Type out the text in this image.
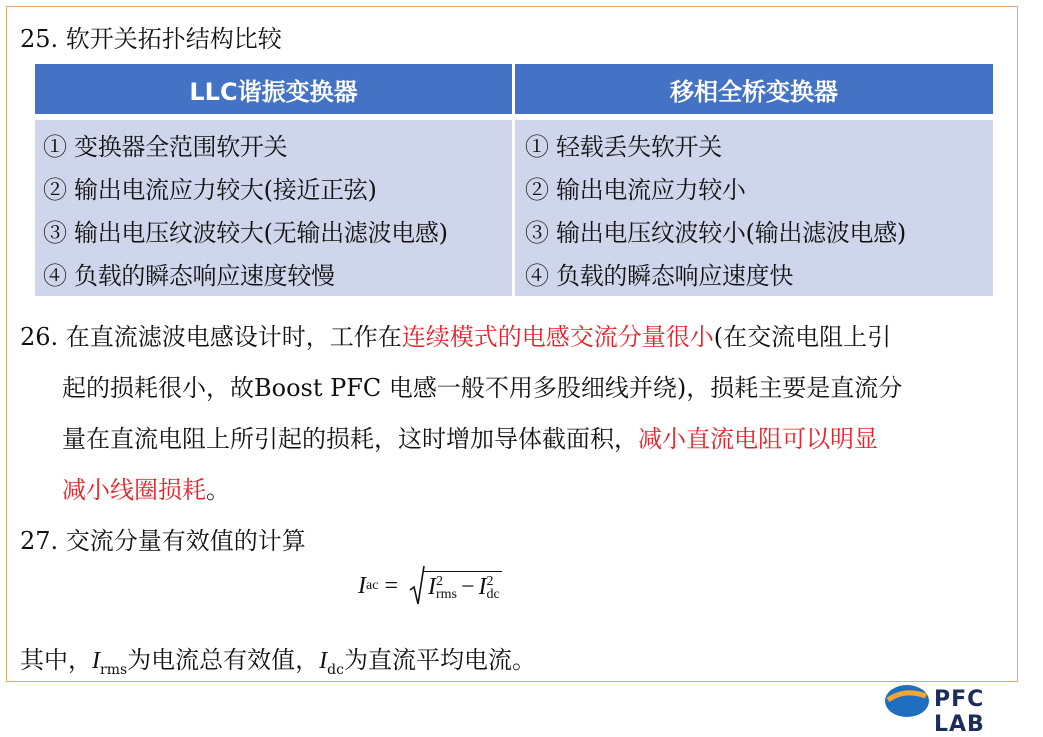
25. 软开关拓扑结构比较
LLC谐振变换器	移相全桥变换器
① 变换器全范围软开关
② 输出电流应力较大(接近正弦)
③ 输出电压纹波较大(无输出滤波电感)
④ 负载的瞬态响应速度较慢
① 轻载丢失软开关
② 输出电流应力较小
③ 输出电压纹波较小(输出滤波电感)
④ 负载的瞬态响应速度快
26. 在直流滤波电感设计时，工作在连续模式的电感交流分量很小(在交流电阻上引
起的损耗很小，故Boost PFC 电感一般不用多股细线并绕)，损耗主要是直流分
量在直流电阻上所引起的损耗，这时增加导体截面积，减小直流电阻可以明显
减小线圈损耗。
27. 交流分量有效值的计算
I ac = I 2
rms − I 2
dc
其中，$I_{rms}$为电流总有效值，$I_{dc}$为直流平均电流。
PFC LAB
